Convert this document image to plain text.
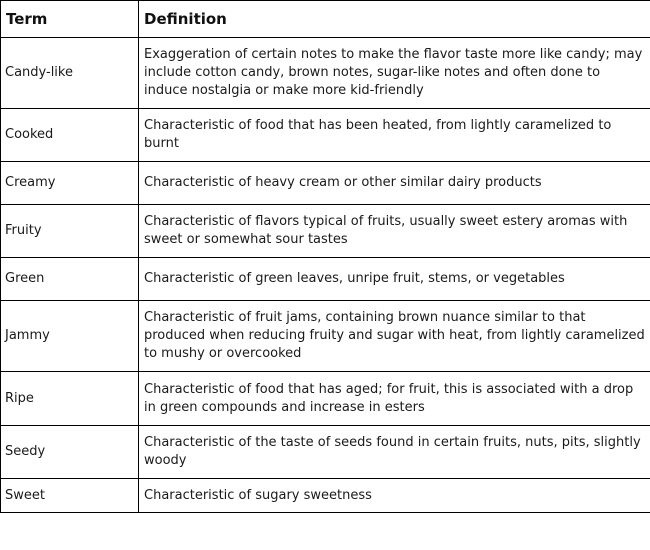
Term	Definition
Candy-like	Exaggeration of certain notes to make the flavor taste more like candy; may include cotton candy, brown notes, sugar-like notes and often done to induce nostalgia or make more kid-friendly
Cooked	Characteristic of food that has been heated, from lightly caramelized to burnt
Creamy	Characteristic of heavy cream or other similar dairy products
Fruity	Characteristic of flavors typical of fruits, usually sweet estery aromas with sweet or somewhat sour tastes
Green	Characteristic of green leaves, unripe fruit, stems, or vegetables
Jammy	Characteristic of fruit jams, containing brown nuance similar to that produced when reducing fruity and sugar with heat, from lightly caramelized to mushy or overcooked
Ripe	Characteristic of food that has aged; for fruit, this is associated with a drop in green compounds and increase in esters
Seedy	Characteristic of the taste of seeds found in certain fruits, nuts, pits, slightly woody
Sweet	Characteristic of sugary sweetness
